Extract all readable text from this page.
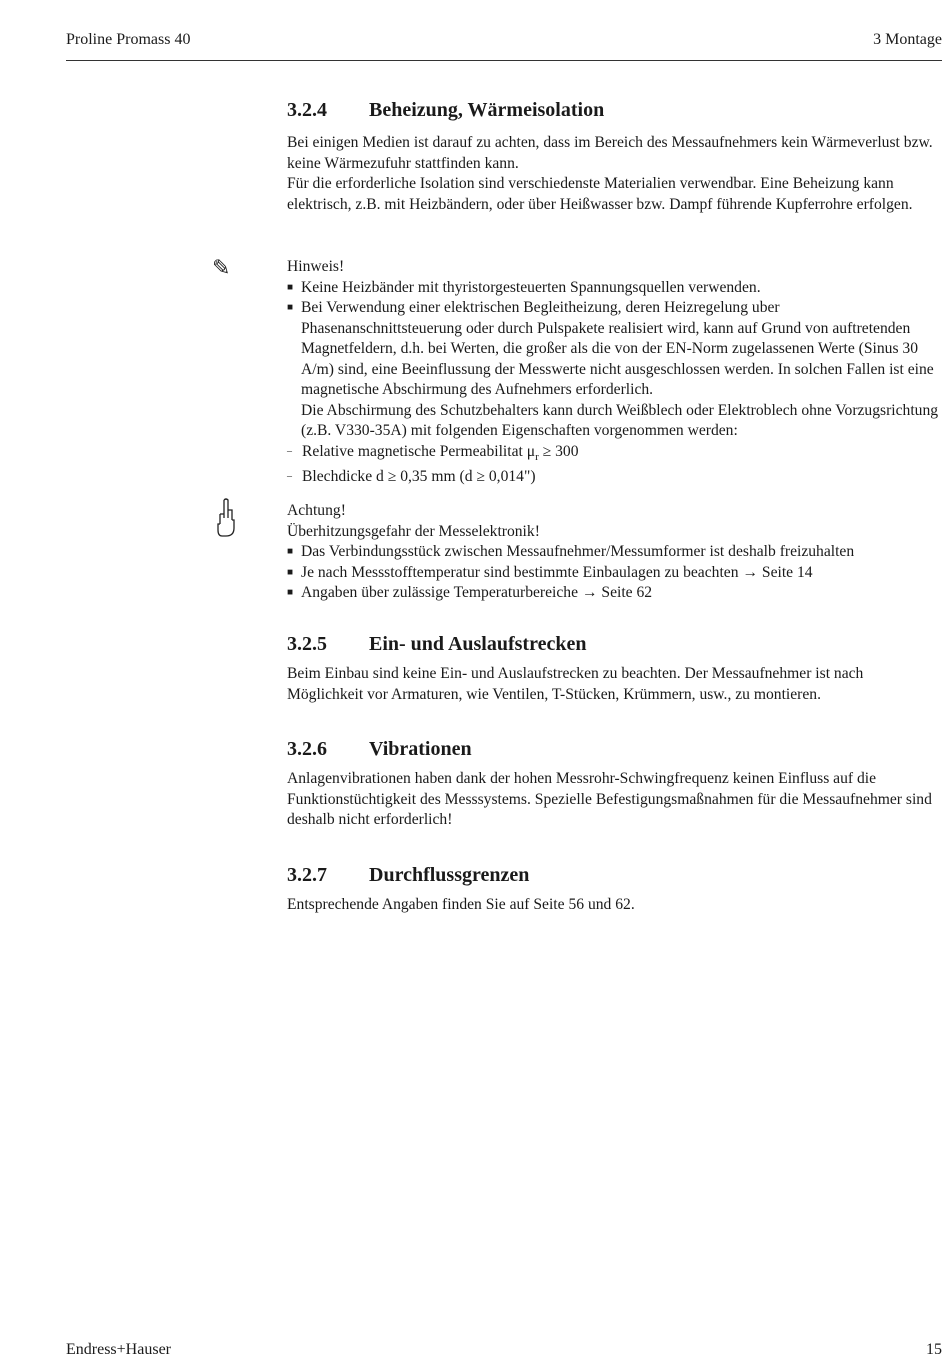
Proline Promass 40	3 Montage
3.2.4 Beheizung, Wärmeisolation

Bei einigen Medien ist darauf zu achten, dass im Bereich des Messaufnehmers kein Wärmeverlust bzw. keine Wärmezufuhr stattfinden kann.

Für die erforderliche Isolation sind verschiedenste Materialien verwendbar. Eine Beheizung kann elektrisch, z.B. mit Heizbändern, oder über Heißwasser bzw. Dampf führende Kupferrohre erfolgen.

✎	Hinweis!

■ Keine Heizbänder mit thyristorgesteuerten Spannungsquellen verwenden.
■ Bei Verwendung einer elektrischen Begleitheizung, deren Heizregelung uber Phasenanschnittsteuerung oder durch Pulspakete realisiert wird, kann auf Grund von auftretenden Magnetfeldern, d.h. bei Werten, die großer als die von der EN-Norm zugelassenen Werte (Sinus 30 A/m) sind, eine Beeinflussung der Messwerte nicht ausgeschlossen werden. In solchen Fallen ist eine magnetische Abschirmung des Aufnehmers erforderlich.
Die Abschirmung des Schutzbehalters kann durch Weißblech oder Elektroblech ohne Vorzugsrichtung (z.B. V330-35A) mit folgenden Eigenschaften vorgenommen werden:
– Relative magnetische Permeabilitat $\mu_r \ge 300$
– Blechdicke d ≥ 0,35 mm (d ≥ 0,014")

Achtung!

Überhitzungsgefahr der Messelektronik!

■ Das Verbindungsstück zwischen Messaufnehmer/Messumformer ist deshalb freizuhalten
■ Je nach Messstofftemperatur sind bestimmte Einbaulagen zu beachten → Seite 14
■ Angaben über zulässige Temperaturbereiche → Seite 62
3.2.5 Ein- und Auslaufstrecken

Beim Einbau sind keine Ein- und Auslaufstrecken zu beachten. Der Messaufnehmer ist nach Möglichkeit vor Armaturen, wie Ventilen, T-Stücken, Krümmern, usw., zu montieren.

3.2.6 Vibrationen

Anlagenvibrationen haben dank der hohen Messrohr-Schwingfrequenz keinen Einfluss auf die Funktionstüchtigkeit des Messsystems. Spezielle Befestigungsmaßnahmen für die Messaufnehmer sind deshalb nicht erforderlich!

3.2.7 Durchflussgrenzen

Entsprechende Angaben finden Sie auf Seite 56 und 62.

Endress+Hauser	15
